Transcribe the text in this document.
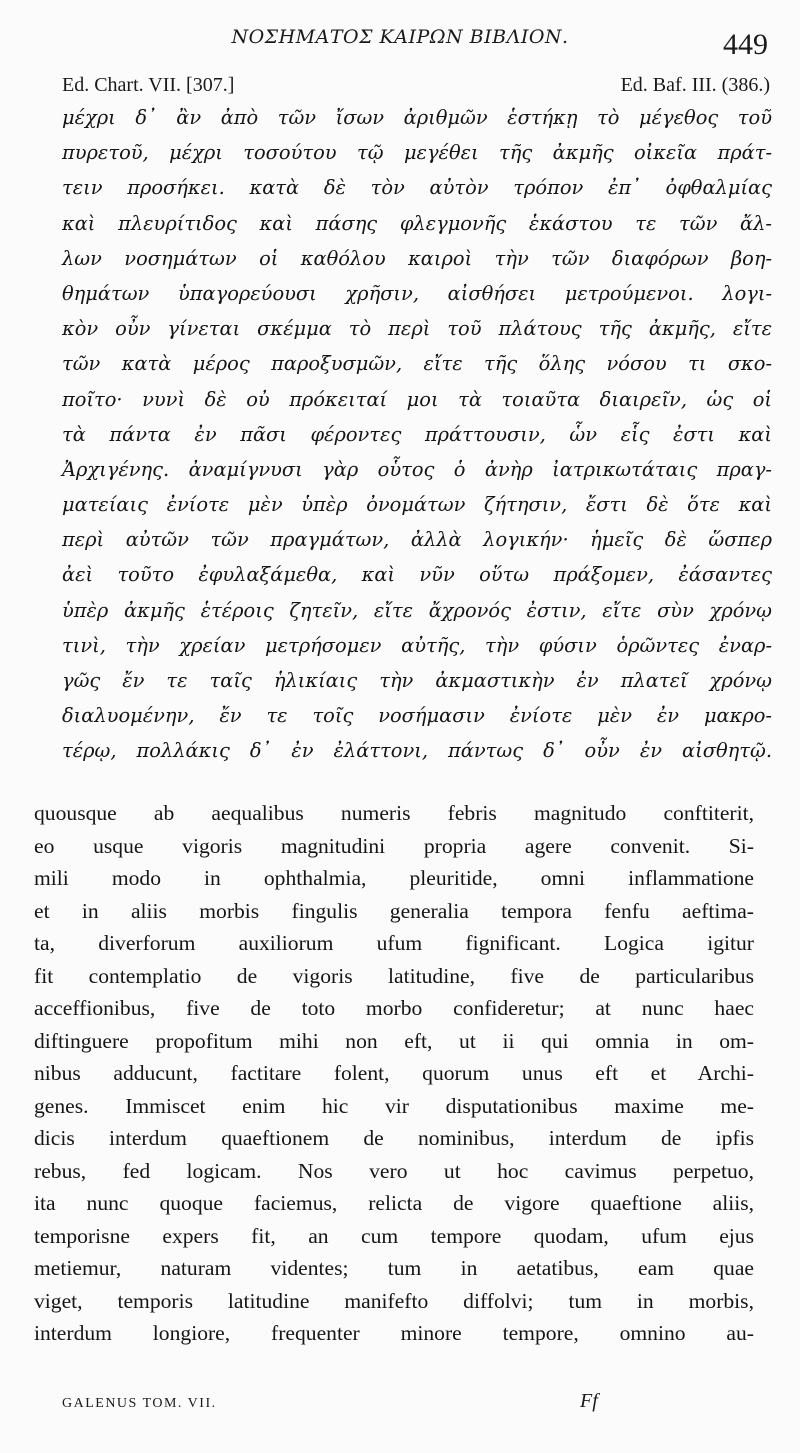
ΝΟΣΗΜΑΤΟΣ ΚΑΙΡΩΝ ΒΙΒΛΙΟΝ.	449
Ed. Chart. VII. [307.]	Ed. Baf. III. (386.)
μέχρι δ᾽ ἂν ἀπὸ τῶν ἴσων ἀριθμῶν ἑστήκῃ τὸ μέγεθος τοῦ
πυρετοῦ, μέχρι τοσούτου τῷ μεγέθει τῆς ἀκμῆς οἰκεῖα πράτ-
τειν προσήκει. κατὰ δὲ τὸν αὐτὸν τρόπον ἐπ᾽ ὀφθαλμίας
καὶ πλευρίτιδος καὶ πάσης φλεγμονῆς ἑκάστου τε τῶν ἄλ-
λων νοσημάτων οἱ καθόλου καιροὶ τὴν τῶν διαφόρων βοη-
θημάτων ὑπαγορεύουσι χρῆσιν, αἰσθήσει μετρούμενοι. λογι-
κὸν οὖν γίνεται σκέμμα τὸ περὶ τοῦ πλάτους τῆς ἀκμῆς, εἴτε
τῶν κατὰ μέρος παροξυσμῶν, εἴτε τῆς ὅλης νόσου τι σκο-
ποῖτο· νυνὶ δὲ οὐ πρόκειταί μοι τὰ τοιαῦτα διαιρεῖν, ὡς οἱ
τὰ πάντα ἐν πᾶσι φέροντες πράττουσιν, ὧν εἷς ἐστι καὶ
Ἀρχιγένης. ἀναμίγνυσι γὰρ οὗτος ὁ ἀνὴρ ἰατρικωτάταις πραγ-
ματείαις ἐνίοτε μὲν ὑπὲρ ὀνομάτων ζήτησιν, ἔστι δὲ ὅτε καὶ
περὶ αὐτῶν τῶν πραγμάτων, ἀλλὰ λογικήν· ἡμεῖς δὲ ὥσπερ
ἀεὶ τοῦτο ἐφυλαξάμεθα, καὶ νῦν οὕτω πράξομεν, ἐάσαντες
ὑπὲρ ἀκμῆς ἑτέροις ζητεῖν, εἴτε ἄχρονός ἐστιν, εἴτε σὺν χρόνῳ
τινὶ, τὴν χρείαν μετρήσομεν αὐτῆς, τὴν φύσιν ὁρῶντες ἐναρ-
γῶς ἔν τε ταῖς ἡλικίαις τὴν ἀκμαστικὴν ἐν πλατεῖ χρόνῳ
διαλυομένην, ἔν τε τοῖς νοσήμασιν ἐνίοτε μὲν ἐν μακρο-
τέρῳ, πολλάκις δ᾽ ἐν ἐλάττονι, πάντως δ᾽ οὖν ἐν αἰσθητῷ.
quousque ab aequalibus numeris febris magnitudo conftiterit,
eo usque vigoris magnitudini propria agere convenit. Si-
mili modo in ophthalmia, pleuritide, omni inflammatione
et in aliis morbis fingulis generalia tempora fenfu aeftima-
ta, diverforum auxiliorum ufum fignificant. Logica igitur
fit contemplatio de vigoris latitudine, five de particularibus
acceffionibus, five de toto morbo confideretur; at nunc haec
diftinguere propofitum mihi non eft, ut ii qui omnia in om-
nibus adducunt, factitare folent, quorum unus eft et Archi-
genes. Immiscet enim hic vir disputationibus maxime me-
dicis interdum quaeftionem de nominibus, interdum de ipfis
rebus, fed logicam. Nos vero ut hoc cavimus perpetuo,
ita nunc quoque faciemus, relicta de vigore quaeftione aliis,
temporisne expers fit, an cum tempore quodam, ufum ejus
metiemur, naturam videntes; tum in aetatibus, eam quae
viget, temporis latitudine manifefto diffolvi; tum in morbis,
interdum longiore, frequenter minore tempore, omnino au-
GALENUS TOM. VII.	Ff
